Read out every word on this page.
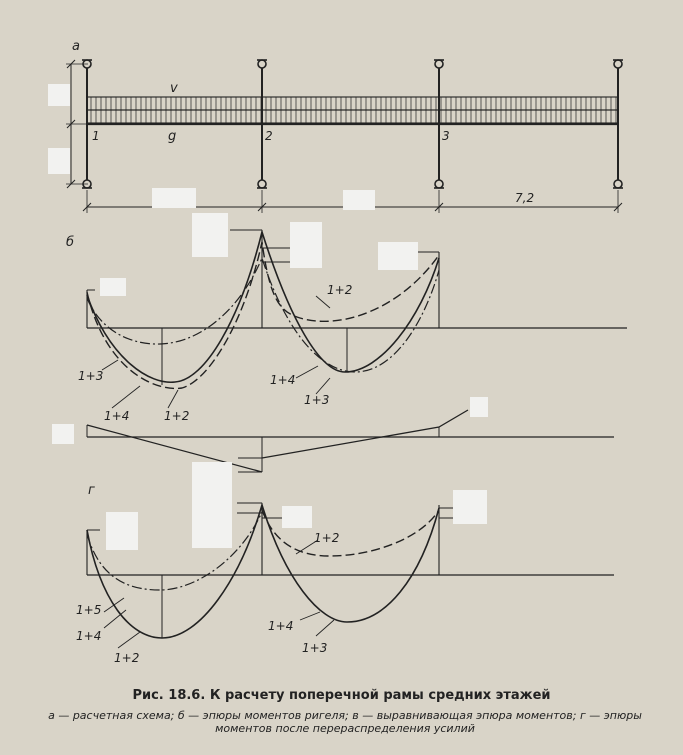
а
v
g
1	2	3
7,2
б
1+2
1+3
1+4	1+2
1+4
1+3
г
1+2
1+5
1+4
1+2
1+4
1+3
Рис. 18.6. К расчету поперечной рамы средних этажей
а — расчетная схема; б — эпюры моментов ригеля; в — выравнивающая эпюра моментов; г — эпюры моментов после перераспределения усилий
